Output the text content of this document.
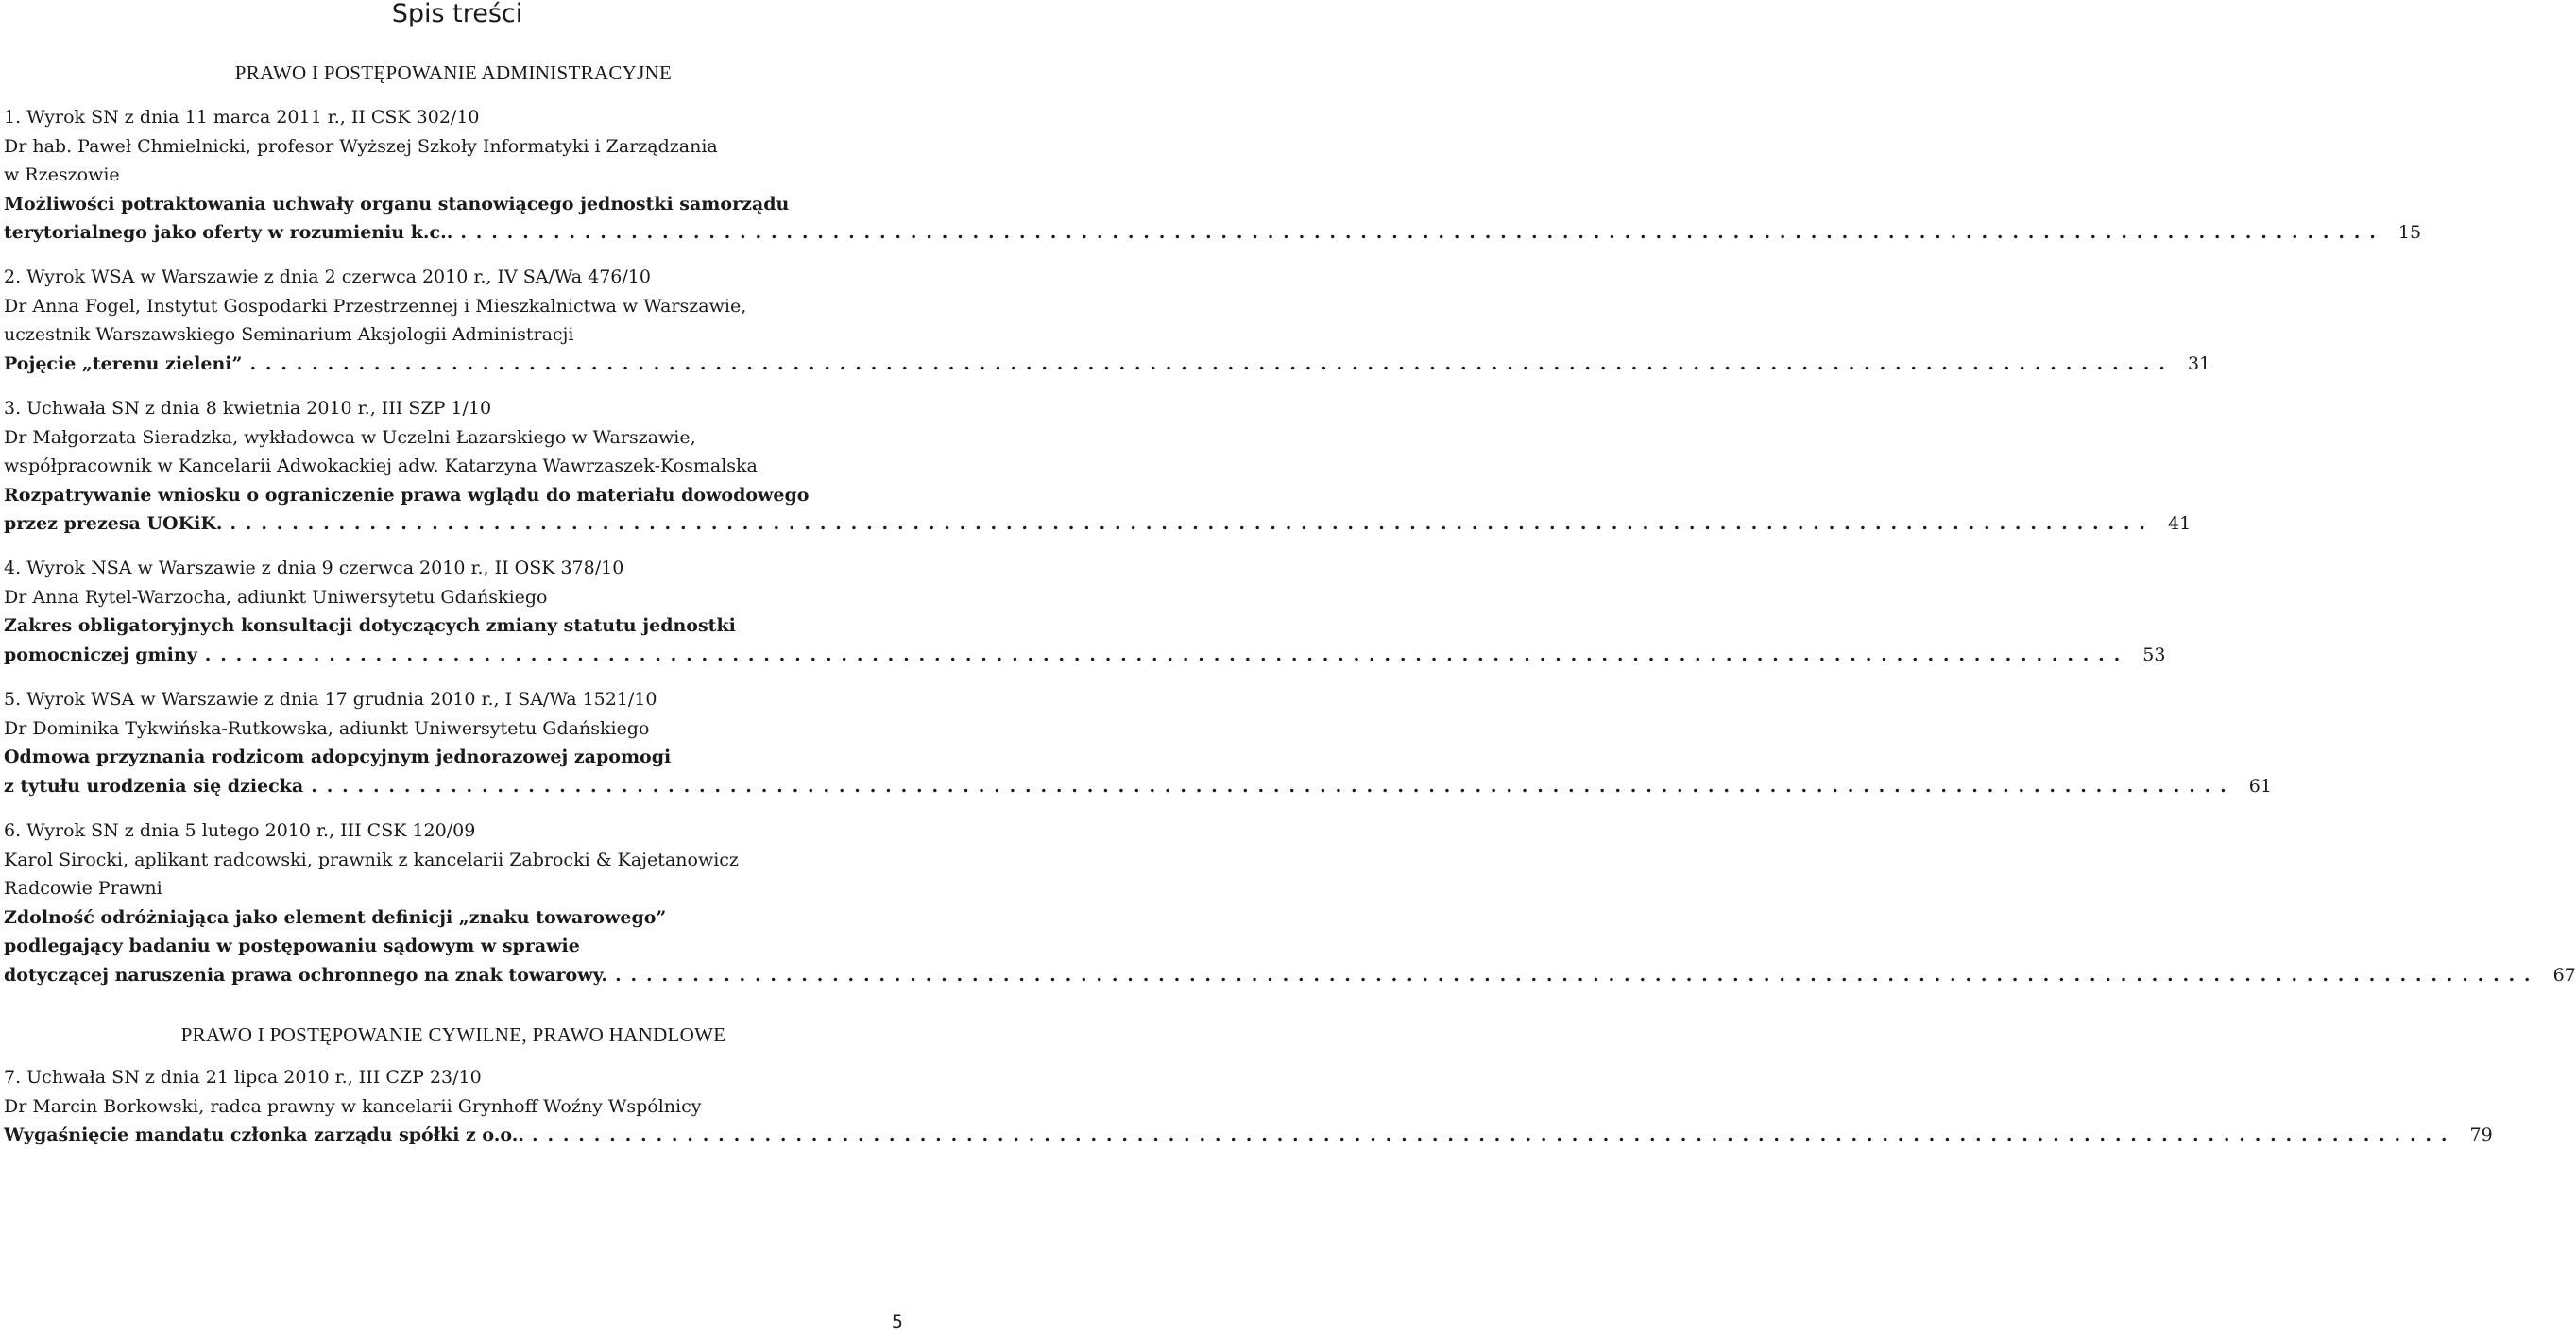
Spis treści
PRAWO I POSTĘPOWANIE ADMINISTRACYJNE
1. Wyrok SN z dnia 11 marca 2011 r., II CSK 302/10
Dr hab. Paweł Chmielnicki, profesor Wyższej Szkoły Informatyki i Zarządzania
w Rzeszowie
Możliwości potraktowania uchwały organu stanowiącego jednostki samorządu
terytorialnego jako oferty w rozumieniu k.c.. . . .	15
2. Wyrok WSA w Warszawie z dnia 2 czerwca 2010 r., IV SA/Wa 476/10
Dr Anna Fogel, Instytut Gospodarki Przestrzennej i Mieszkalnictwa w Warszawie,
uczestnik Warszawskiego Seminarium Aksjologii Administracji
Pojęcie „terenu zieleni” . . .	31
3. Uchwała SN z dnia 8 kwietnia 2010 r., III SZP 1/10
Dr Małgorzata Sieradzka, wykładowca w Uczelni Łazarskiego w Warszawie,
współpracownik w Kancelarii Adwokackiej adw. Katarzyna Wawrzaszek-Kosmalska
Rozpatrywanie wniosku o ograniczenie prawa wglądu do materiału dowodowego
przez prezesa UOKiK. . . .	41
4. Wyrok NSA w Warszawie z dnia 9 czerwca 2010 r., II OSK 378/10
Dr Anna Rytel-Warzocha, adiunkt Uniwersytetu Gdańskiego
Zakres obligatoryjnych konsultacji dotyczących zmiany statutu jednostki
pomocniczej gminy . . .	53
5. Wyrok WSA w Warszawie z dnia 17 grudnia 2010 r., I SA/Wa 1521/10
Dr Dominika Tykwińska-Rutkowska, adiunkt Uniwersytetu Gdańskiego
Odmowa przyznania rodzicom adopcyjnym jednorazowej zapomogi
z tytułu urodzenia się dziecka . . .	61
6. Wyrok SN z dnia 5 lutego 2010 r., III CSK 120/09
Karol Sirocki, aplikant radcowski, prawnik z kancelarii Zabrocki & Kajetanowicz
Radcowie Prawni
Zdolność odróżniająca jako element definicji „znaku towarowego”
podlegający badaniu w postępowaniu sądowym w sprawie
dotyczącej naruszenia prawa ochronnego na znak towarowy. . . .	67
PRAWO I POSTĘPOWANIE CYWILNE, PRAWO HANDLOWE
7. Uchwała SN z dnia 21 lipca 2010 r., III CZP 23/10
Dr Marcin Borkowski, radca prawny w kancelarii Grynhoff Woźny Wspólnicy
Wygaśnięcie mandatu członka zarządu spółki z o.o.. . . .	79
5
